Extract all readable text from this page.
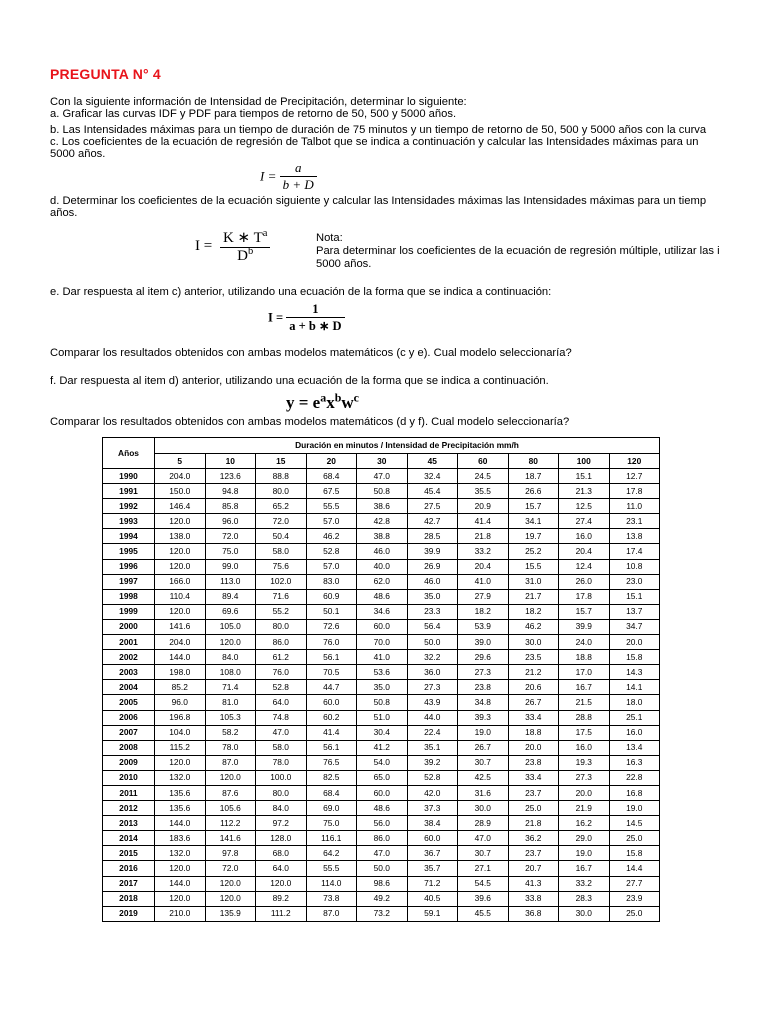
PREGUNTA N° 4
Con la siguiente información de Intensidad de Precipitación, determinar lo siguiente:
a. Graficar las curvas IDF y PDF para tiempos de retorno de 50, 500 y 5000 años.
b. Las Intensidades máximas para un tiempo de duración de 75 minutos y un tiempo de retorno de 50, 500 y 5000 años con la curva
c. Los coeficientes de la ecuación de regresión de Talbot que se indica a continuación y calcular las Intensidades máximas para un
5000 años.
$I = \frac{a}{b + D}$
d. Determinar los coeficientes de la ecuación siguiente y calcular las Intensidades máximas las Intensidades máximas para un tiemp
años.
$I = \frac{K ∗ T^a}{D^b}$	Nota:
Para determinar los coeficientes de la ecuación de regresión múltiple, utilizar las i
5000 años.
e. Dar respuesta al item c) anterior, utilizando una ecuación de la forma que se indica a continuación:
$I = \frac{1}{a + b ∗ D}$
Comparar los resultados obtenidos con ambas modelos matemáticos (c y e). Cual modelo seleccionaría?
f. Dar respuesta al item d) anterior, utilizando una ecuación de la forma que se indica a continuación.
$y = e^ax^bw^c$
Comparar los resultados obtenidos con ambas modelos matemáticos (d y f). Cual modelo seleccionaría?
Años	Duración en minutos / Intensidad de Precipitación mm/h									
	5	10	15	20	30	45	60	80	100	120
1990	204.0	123.6	88.8	68.4	47.0	32.4	24.5	18.7	15.1	12.7
1991	150.0	94.8	80.0	67.5	50.8	45.4	35.5	26.6	21.3	17.8
1992	146.4	85.8	65.2	55.5	38.6	27.5	20.9	15.7	12.5	11.0
1993	120.0	96.0	72.0	57.0	42.8	42.7	41.4	34.1	27.4	23.1
1994	138.0	72.0	50.4	46.2	38.8	28.5	21.8	19.7	16.0	13.8
1995	120.0	75.0	58.0	52.8	46.0	39.9	33.2	25.2	20.4	17.4
1996	120.0	99.0	75.6	57.0	40.0	26.9	20.4	15.5	12.4	10.8
1997	166.0	113.0	102.0	83.0	62.0	46.0	41.0	31.0	26.0	23.0
1998	110.4	89.4	71.6	60.9	48.6	35.0	27.9	21.7	17.8	15.1
1999	120.0	69.6	55.2	50.1	34.6	23.3	18.2	18.2	15.7	13.7
2000	141.6	105.0	80.0	72.6	60.0	56.4	53.9	46.2	39.9	34.7
2001	204.0	120.0	86.0	76.0	70.0	50.0	39.0	30.0	24.0	20.0
2002	144.0	84.0	61.2	56.1	41.0	32.2	29.6	23.5	18.8	15.8
2003	198.0	108.0	76.0	70.5	53.6	36.0	27.3	21.2	17.0	14.3
2004	85.2	71.4	52.8	44.7	35.0	27.3	23.8	20.6	16.7	14.1
2005	96.0	81.0	64.0	60.0	50.8	43.9	34.8	26.7	21.5	18.0
2006	196.8	105.3	74.8	60.2	51.0	44.0	39.3	33.4	28.8	25.1
2007	104.0	58.2	47.0	41.4	30.4	22.4	19.0	18.8	17.5	16.0
2008	115.2	78.0	58.0	56.1	41.2	35.1	26.7	20.0	16.0	13.4
2009	120.0	87.0	78.0	76.5	54.0	39.2	30.7	23.8	19.3	16.3
2010	132.0	120.0	100.0	82.5	65.0	52.8	42.5	33.4	27.3	22.8
2011	135.6	87.6	80.0	68.4	60.0	42.0	31.6	23.7	20.0	16.8
2012	135.6	105.6	84.0	69.0	48.6	37.3	30.0	25.0	21.9	19.0
2013	144.0	112.2	97.2	75.0	56.0	38.4	28.9	21.8	16.2	14.5
2014	183.6	141.6	128.0	116.1	86.0	60.0	47.0	36.2	29.0	25.0
2015	132.0	97.8	68.0	64.2	47.0	36.7	30.7	23.7	19.0	15.8
2016	120.0	72.0	64.0	55.5	50.0	35.7	27.1	20.7	16.7	14.4
2017	144.0	120.0	120.0	114.0	98.6	71.2	54.5	41.3	33.2	27.7
2018	120.0	120.0	89.2	73.8	49.2	40.5	39.6	33.8	28.3	23.9
2019	210.0	135.9	111.2	87.0	73.2	59.1	45.5	36.8	30.0	25.0
